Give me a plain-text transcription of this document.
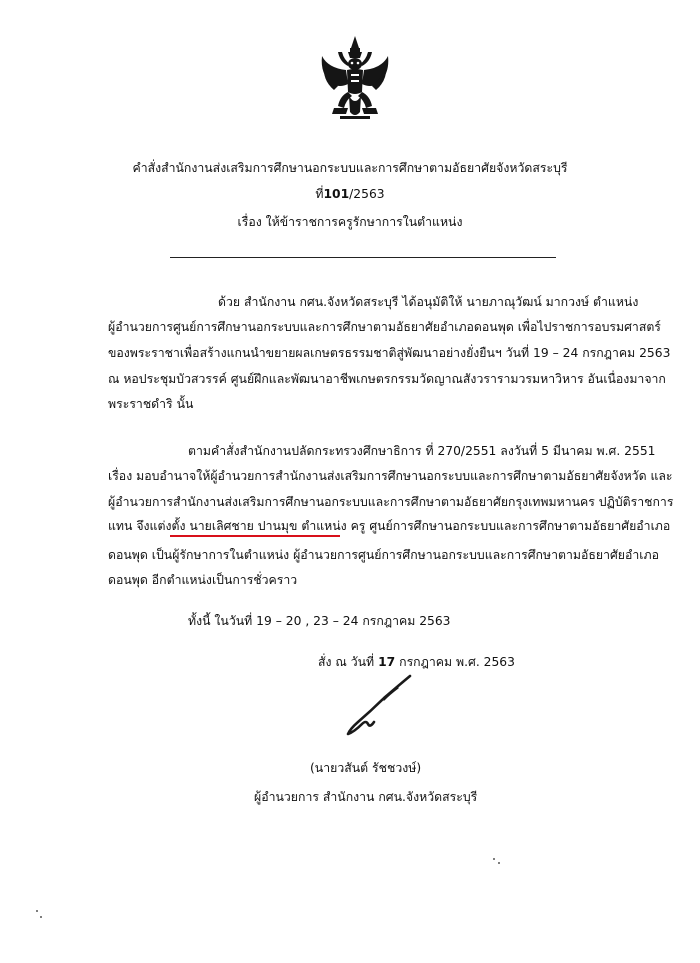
คำสั่งสำนักงานส่งเสริมการศึกษานอกระบบและการศึกษาตามอัธยาศัยจังหวัดสระบุรี
ที่101/2563
เรื่อง ให้ข้าราชการครูรักษาการในตำแหน่ง
ด้วย สำนักงาน กศน.จังหวัดสระบุรี ได้อนุมัติให้ นายภาณุวัฒน์ มากวงษ์ ตำแหน่ง
ผู้อำนวยการศูนย์การศึกษานอกระบบและการศึกษาตามอัธยาศัยอำเภอดอนพุด เพื่อไปราชการอบรมศาสตร์
ของพระราชาเพื่อสร้างแกนนำขยายผลเกษตรธรรมชาติสู่พัฒนาอย่างยั่งยืนฯ วันที่ 19 – 24 กรกฎาคม 2563
ณ หอประชุมบัวสวรรค์ ศูนย์ฝึกและพัฒนาอาชีพเกษตรกรรมวัดญาณสังวรารามวรมหาวิหาร อันเนื่องมาจาก
พระราชดำริ นั้น
ตามคำสั่งสำนักงานปลัดกระทรวงศึกษาธิการ ที่ 270/2551 ลงวันที่ 5 มีนาคม พ.ศ. 2551
เรื่อง มอบอำนาจให้ผู้อำนวยการสำนักงานส่งเสริมการศึกษานอกระบบและการศึกษาตามอัธยาศัยจังหวัด และ
ผู้อำนวยการสำนักงานส่งเสริมการศึกษานอกระบบและการศึกษาตามอัธยาศัยกรุงเทพมหานคร ปฏิบัติราชการ
แทน จึงแต่งตั้ง นายเลิศชาย ปานมุข ตำแหน่ง ครู ศูนย์การศึกษานอกระบบและการศึกษาตามอัธยาศัยอำเภอ
ดอนพุด เป็นผู้รักษาการในตำแหน่ง ผู้อำนวยการศูนย์การศึกษานอกระบบและการศึกษาตามอัธยาศัยอำเภอ
ดอนพุด อีกตำแหน่งเป็นการชั่วคราว
ทั้งนี้ ในวันที่ 19 – 20 , 23 – 24 กรกฎาคม 2563
สั่ง ณ วันที่ 17 กรกฎาคม พ.ศ. 2563
(นายวสันต์ รัชชวงษ์)
ผู้อำนวยการ สำนักงาน กศน.จังหวัดสระบุรี
